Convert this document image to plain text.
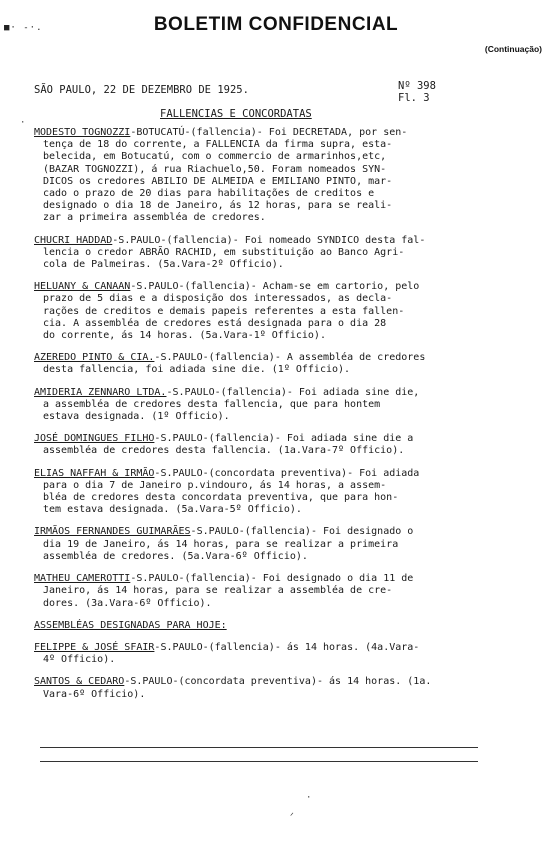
■· -·.	BOLETIM CONFIDENCIAL
(Continuação)
SÃO PAULO, 22 DE DEZEMBRO DE 1925.	Nº 398
Fl. 3
FALLENCIAS E CONCORDATAS
MODESTO TOGNOZZI-BOTUCATÚ-(fallencia)- Foi DECRETADA, por sen-
tença de 18 do corrente, a FALLENCIA da firma supra, esta-
belecida, em Botucatú, com o commercio de armarinhos,etc,
(BAZAR TOGNOZZI), á rua Riachuelo,50. Foram nomeados SYN-
DICOS os credores ABILIO DE ALMEIDA e EMILIANO PINTO, mar-
cado o prazo de 20 dias para habilitações de creditos e
designado o dia 18 de Janeiro, ás 12 horas, para se reali-
zar a primeira assembléa de credores.
CHUCRI HADDAD-S.PAULO-(fallencia)- Foi nomeado SYNDICO desta fal-
lencia o credor ABRÃO RACHID, em substituição ao Banco Agri-
cola de Palmeiras. (5a.Vara-2º Officio).
HELUANY & CANAAN-S.PAULO-(fallencia)- Acham-se em cartorio, pelo
prazo de 5 dias e a disposição dos interessados, as decla-
rações de creditos e demais papeis referentes a esta fallen-
cia. A assembléa de credores está designada para o dia 28
do corrente, ás 14 horas. (5a.Vara-1º Officio).
AZEREDO PINTO & CIA.-S.PAULO-(fallencia)- A assembléa de credores
desta fallencia, foi adiada sine die. (1º Officio).
AMIDERIA ZENNARO LTDA.-S.PAULO-(fallencia)- Foi adiada sine die,
a assembléa de credores desta fallencia, que para hontem
estava designada. (1º Officio).
JOSÉ DOMINGUES FILHO-S.PAULO-(fallencia)- Foi adiada sine die a
assembléa de credores desta fallencia. (1a.Vara-7º Officio).
ELIAS NAFFAH & IRMÃO-S.PAULO-(concordata preventiva)- Foi adiada
para o dia 7 de Janeiro p.vindouro, ás 14 horas, a assem-
bléa de credores desta concordata preventiva, que para hon-
tem estava designada. (5a.Vara-5º Officio).
IRMÃOS FERNANDES GUIMARÃES-S.PAULO-(fallencia)- Foi designado o
dia 19 de Janeiro, ás 14 horas, para se realizar a primeira
assembléa de credores. (5a.Vara-6º Officio).
MATHEU CAMEROTTI-S.PAULO-(fallencia)- Foi designado o dia 11 de
Janeiro, ás 14 horas, para se realizar a assembléa de cre-
dores. (3a.Vara-6º Officio).
ASSEMBLÉAS DESIGNADAS PARA HOJE:
FELIPPE & JOSÉ SFAIR-S.PAULO-(fallencia)- ás 14 horas. (4a.Vara-
4º Officio).
SANTOS & CEDARO-S.PAULO-(concordata preventiva)- ás 14 horas. (1a.
Vara-6º Officio).
·
·
ᐟ
